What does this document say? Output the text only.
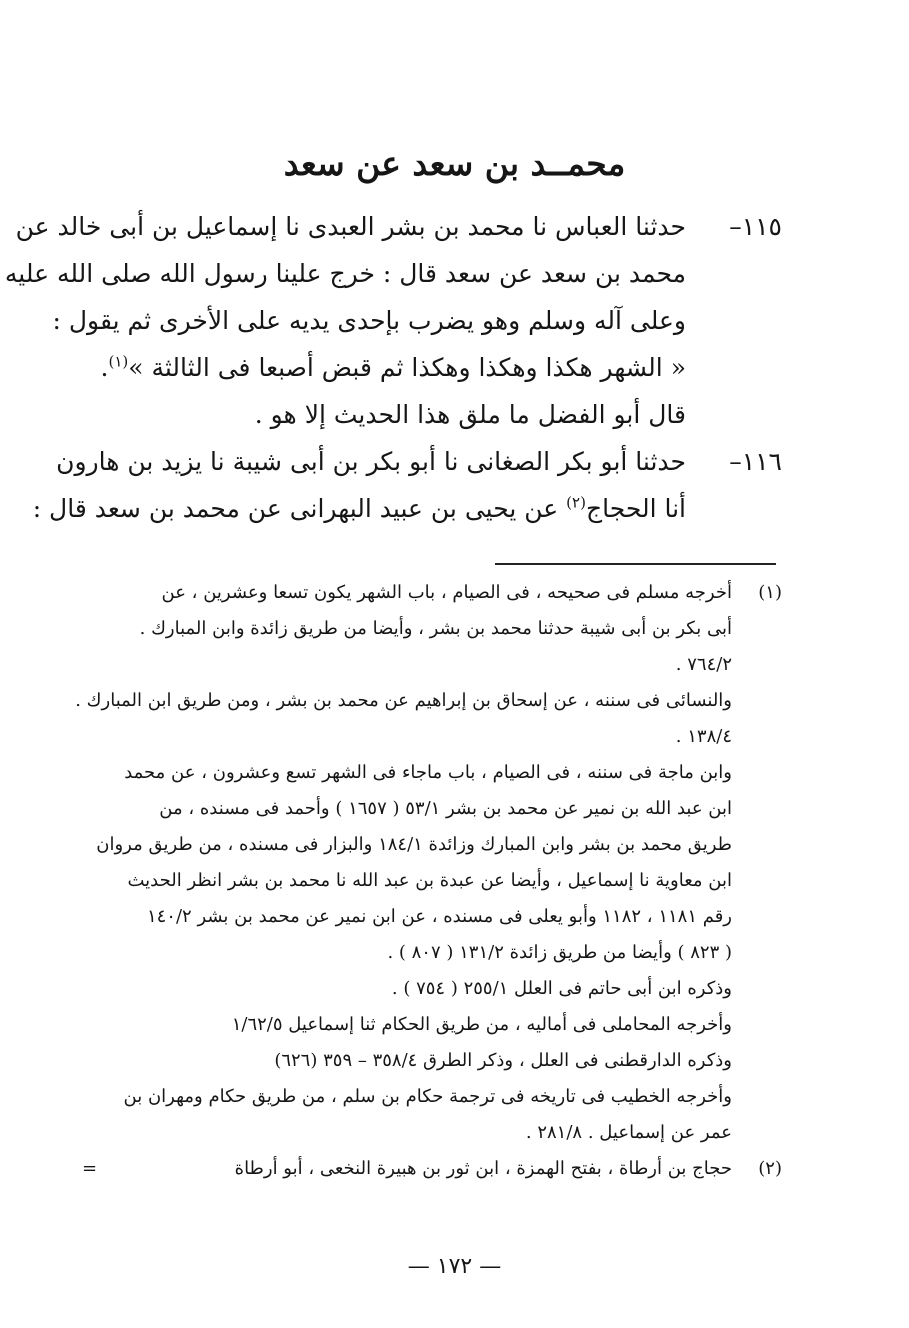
محمــد بن سعد عن سعد
١١٥–
حدثنا العباس نا محمد بن بشر العبدى نا إسماعيل بن أبى خالد عن
محمد بن سعد عن سعد قال : خرج علينا رسول الله صلى الله عليه
وعلى آله وسلم وهو يضرب بإحدى يديه على الأخرى ثم يقول :
« الشهر هكذا وهكذا وهكذا ثم قبض أصبعا فى الثالثة »$^{(١)}$.
قال أبو الفضل ما ملق هذا الحديث إلا هو .
١١٦–
حدثنا أبو بكر الصغانى نا أبو بكر بن أبى شيبة نا يزيد بن هارون
أنا الحجاج$^{(٢)}$ عن يحيى بن عبيد البهرانى عن محمد بن سعد قال :
(١)
أخرجه مسلم فى صحيحه ، فى الصيام ، باب الشهر يكون تسعا وعشرين ، عن
أبى بكر بن أبى شيبة حدثنا محمد بن بشر ، وأيضا من طريق زائدة وابن المبارك .
٧٦٤/٢ .
والنسائى فى سننه ، عن إسحاق بن إبراهيم عن محمد بن بشر ، ومن طريق ابن المبارك .
١٣٨/٤ .
وابن ماجة فى سننه ، فى الصيام ، باب ماجاء فى الشهر تسع وعشرون ، عن محمد
ابن عبد الله بن نمير عن محمد بن بشر ٥٣/١ ( ١٦٥٧ ) وأحمد فى مسنده ، من
طريق محمد بن بشر وابن المبارك وزائدة ١٨٤/١ والبزار فى مسنده ، من طريق مروان
ابن معاوية نا إسماعيل ، وأيضا عن عبدة بن عبد الله نا محمد بن بشر انظر الحديث
رقم ١١٨١ ، ١١٨٢ وأبو يعلى فى مسنده ، عن ابن نمير عن محمد بن بشر ١٤٠/٢
( ٨٢٣ ) وأيضا من طريق زائدة ١٣١/٢ ( ٨٠٧ ) .
وذكره ابن أبى حاتم فى العلل ٢٥٥/١ ( ٧٥٤ ) .
وأخرجه المحاملى فى أماليه ، من طريق الحكام ثنا إسماعيل ١/٦٢/٥
وذكره الدارقطنى فى العلل ، وذكر الطرق ٣٥٨/٤ – ٣٥٩ (٦٢٦)
وأخرجه الخطيب فى تاريخه فى ترجمة حكام بن سلم ، من طريق حكام ومهران بن
عمر عن إسماعيل . ٢٨١/٨ .
(٢)
حجاج بن أرطاة ، بفتح الهمزة ، ابن ثور بن هبيرة النخعى ، أبو أرطاة
=
— ١٧٢ —
